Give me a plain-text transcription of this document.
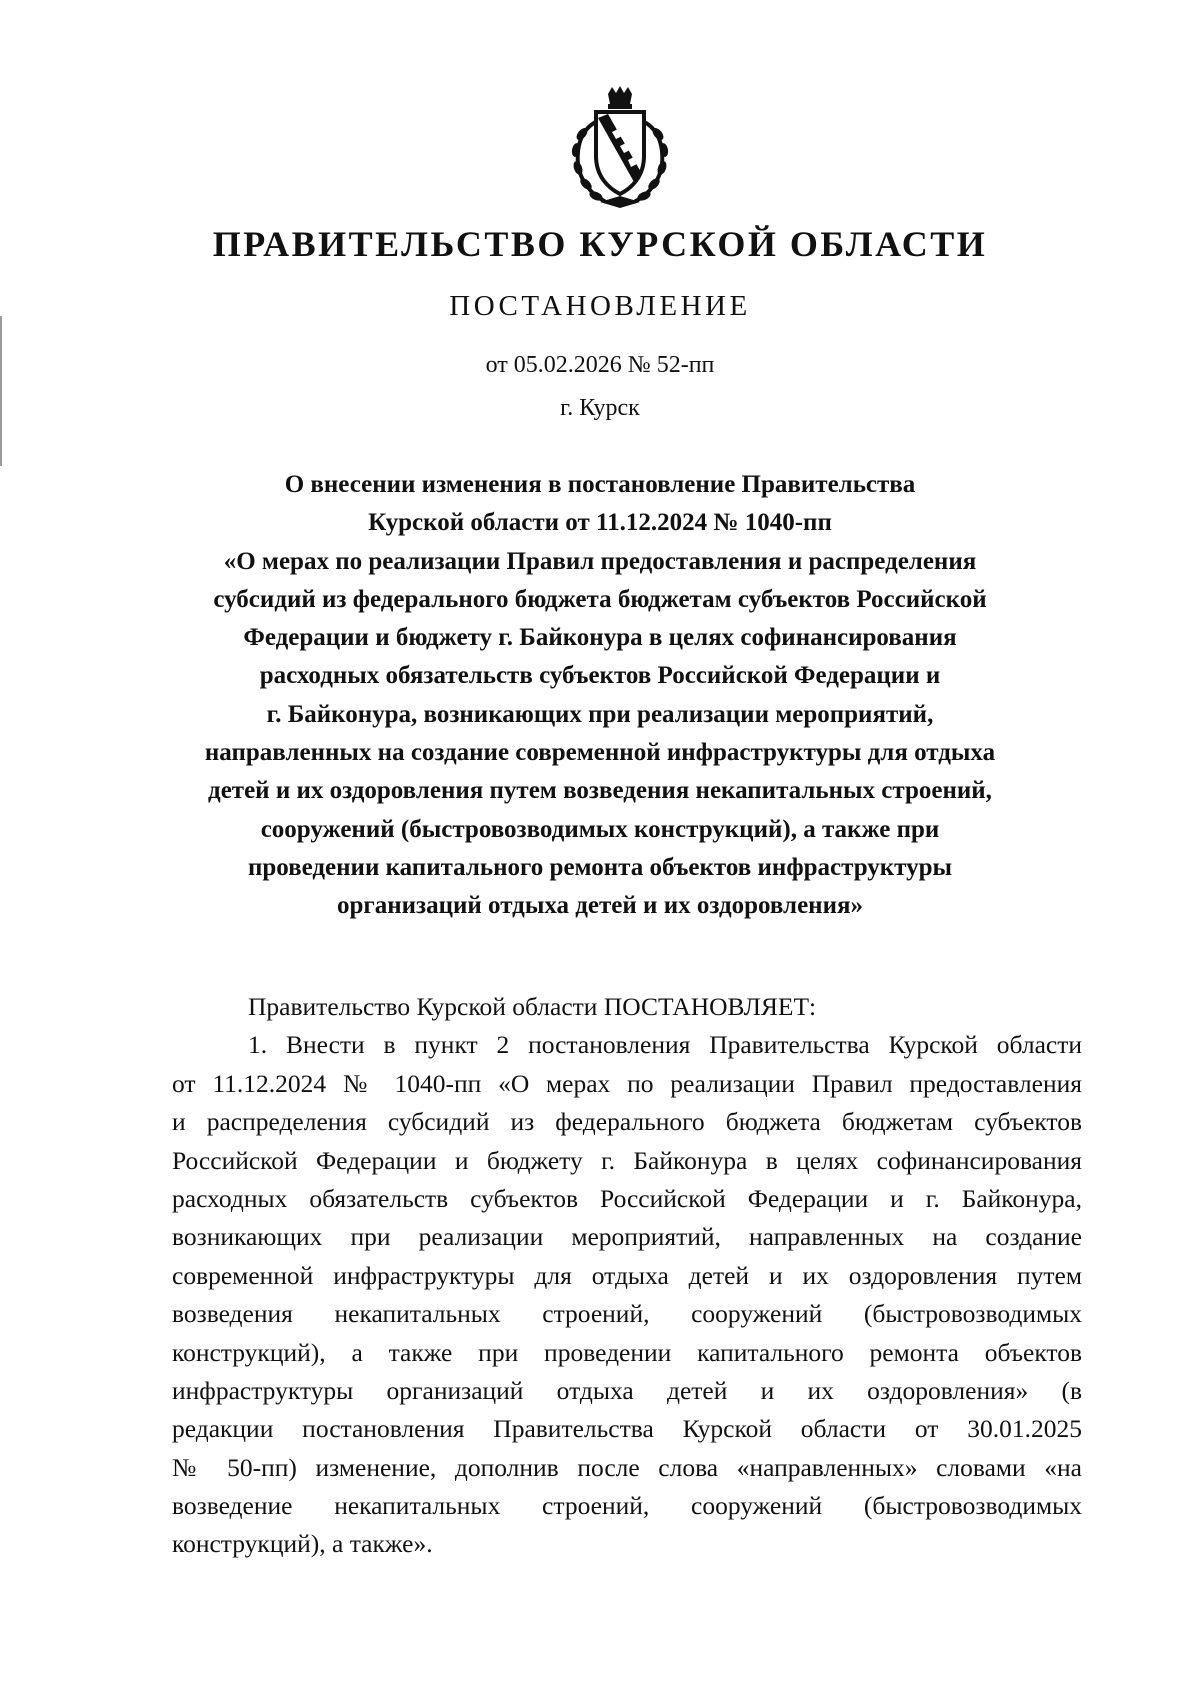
ПРАВИТЕЛЬСТВО КУРСКОЙ ОБЛАСТИ
ПОСТАНОВЛЕНИЕ
от 05.02.2026 № 52-пп
г. Курск
О внесении изменения в постановление Правительства
Курской области от 11.12.2024 № 1040-пп
«О мерах по реализации Правил предоставления и распределения
субсидий из федерального бюджета бюджетам субъектов Российской
Федерации и бюджету г. Байконура в целях софинансирования
расходных обязательств субъектов Российской Федерации и
г. Байконура, возникающих при реализации мероприятий,
направленных на создание современной инфраструктуры для отдыха
детей и их оздоровления путем возведения некапитальных строений,
сооружений (быстровозводимых конструкций), а также при
проведении капитального ремонта объектов инфраструктуры
организаций отдыха детей и их оздоровления»
Правительство Курской области ПОСТАНОВЛЯЕТ:
1. Внести в пункт 2 постановления Правительства Курской области
от 11.12.2024 № 1040-пп «О мерах по реализации Правил предоставления
и распределения субсидий из федерального бюджета бюджетам субъектов
Российской Федерации и бюджету г. Байконура в целях софинансирования
расходных обязательств субъектов Российской Федерации и г. Байконура,
возникающих при реализации мероприятий, направленных на создание
современной инфраструктуры для отдыха детей и их оздоровления путем
возведения некапитальных строений, сооружений (быстровозводимых
конструкций), а также при проведении капитального ремонта объектов
инфраструктуры организаций отдыха детей и их оздоровления» (в
редакции постановления Правительства Курской области от 30.01.2025
№ 50-пп) изменение, дополнив после слова «направленных» словами «на
возведение некапитальных строений, сооружений (быстровозводимых
конструкций), а также».
